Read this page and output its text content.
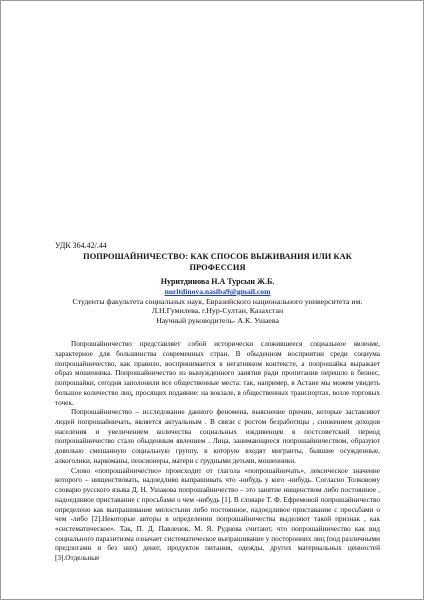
УДК 364.42/.44
ПОПРОШАЙНИЧЕСТВО: КАК СПОСОБ ВЫЖИВАНИЯ ИЛИ КАК
ПРОФЕССИЯ
Нуритдинова Н.А Турсын Ж.Б.
nuritdinova.nasiba9@gmail.com
Студенты факультета социальных наук, Евразийского национального университета им.
Л.Н.Гумилева, г.Нур-Султан, Казахстан
Научный руководитель- А.К. Ушаева

Попрошайничество представляет собой исторически сложившееся социальное явление, характерное для большинства современных стран. В обыденном восприятии среди социума попрошайничество, как правило, воспринимается в негативном контексте, а попрошайка выражает образ мошенника. Попрошайничество из вынужденного занятия ради пропитания перешло в бизнес, попрошайки, сегодня заполонили все общественные места: так, например, в Астане мы можем увидеть большое количество лиц, просящих подаяние: на вокзале, в общественных транспортах, возле торговых точек.

Попрошайничество – исследование данного феномена, выяснение причин, которые заставляют людей попрошайничать, является актуальным . В связи с ростом безработицы , снижением доходов населения и увеличением количества социальных иждивенцев в постсоветский период попрошайничество стало обыденным явлением . Лица, занимающиеся попрошайничеством, образуют довольно смешанную социальную группу, в которую входят мигранты, бывшие осужденные, алкоголики, наркоманы, пенсионеры, матери с грудными детьми, мошенники.

Слово «попрошайничество» происходит от глагола «попрошайничать», лексическое значение которого – нищенствовать, надоедливо выпрашивать что -нибудь у кого -нибудь. Согласно Толковому словарю русского языка Д. Н. Ушакова попрошайничество – это занятие нищенством либо постоянное , надоедливое приставание с просьбами о чем -нибудь [1]. В словаре Т. Ф. Ефремовой попрошайничество определено как выпрашивание милостыни либо постоянное, надоедливое приставание с просьбами о чем -либо [2].Некоторые авторы в определении попрошайничества выделяют такой признак , как «систематическое». Так, П. Д. Павленок, М. Я. Руднева считают, что попрошайничество как вид социального паразитизма означает систематическое выпрашивание у посторонних лиц (под различными предлогами и без них) денег, продуктов питания, одежды, других материальных ценностей [3].Отдельные
